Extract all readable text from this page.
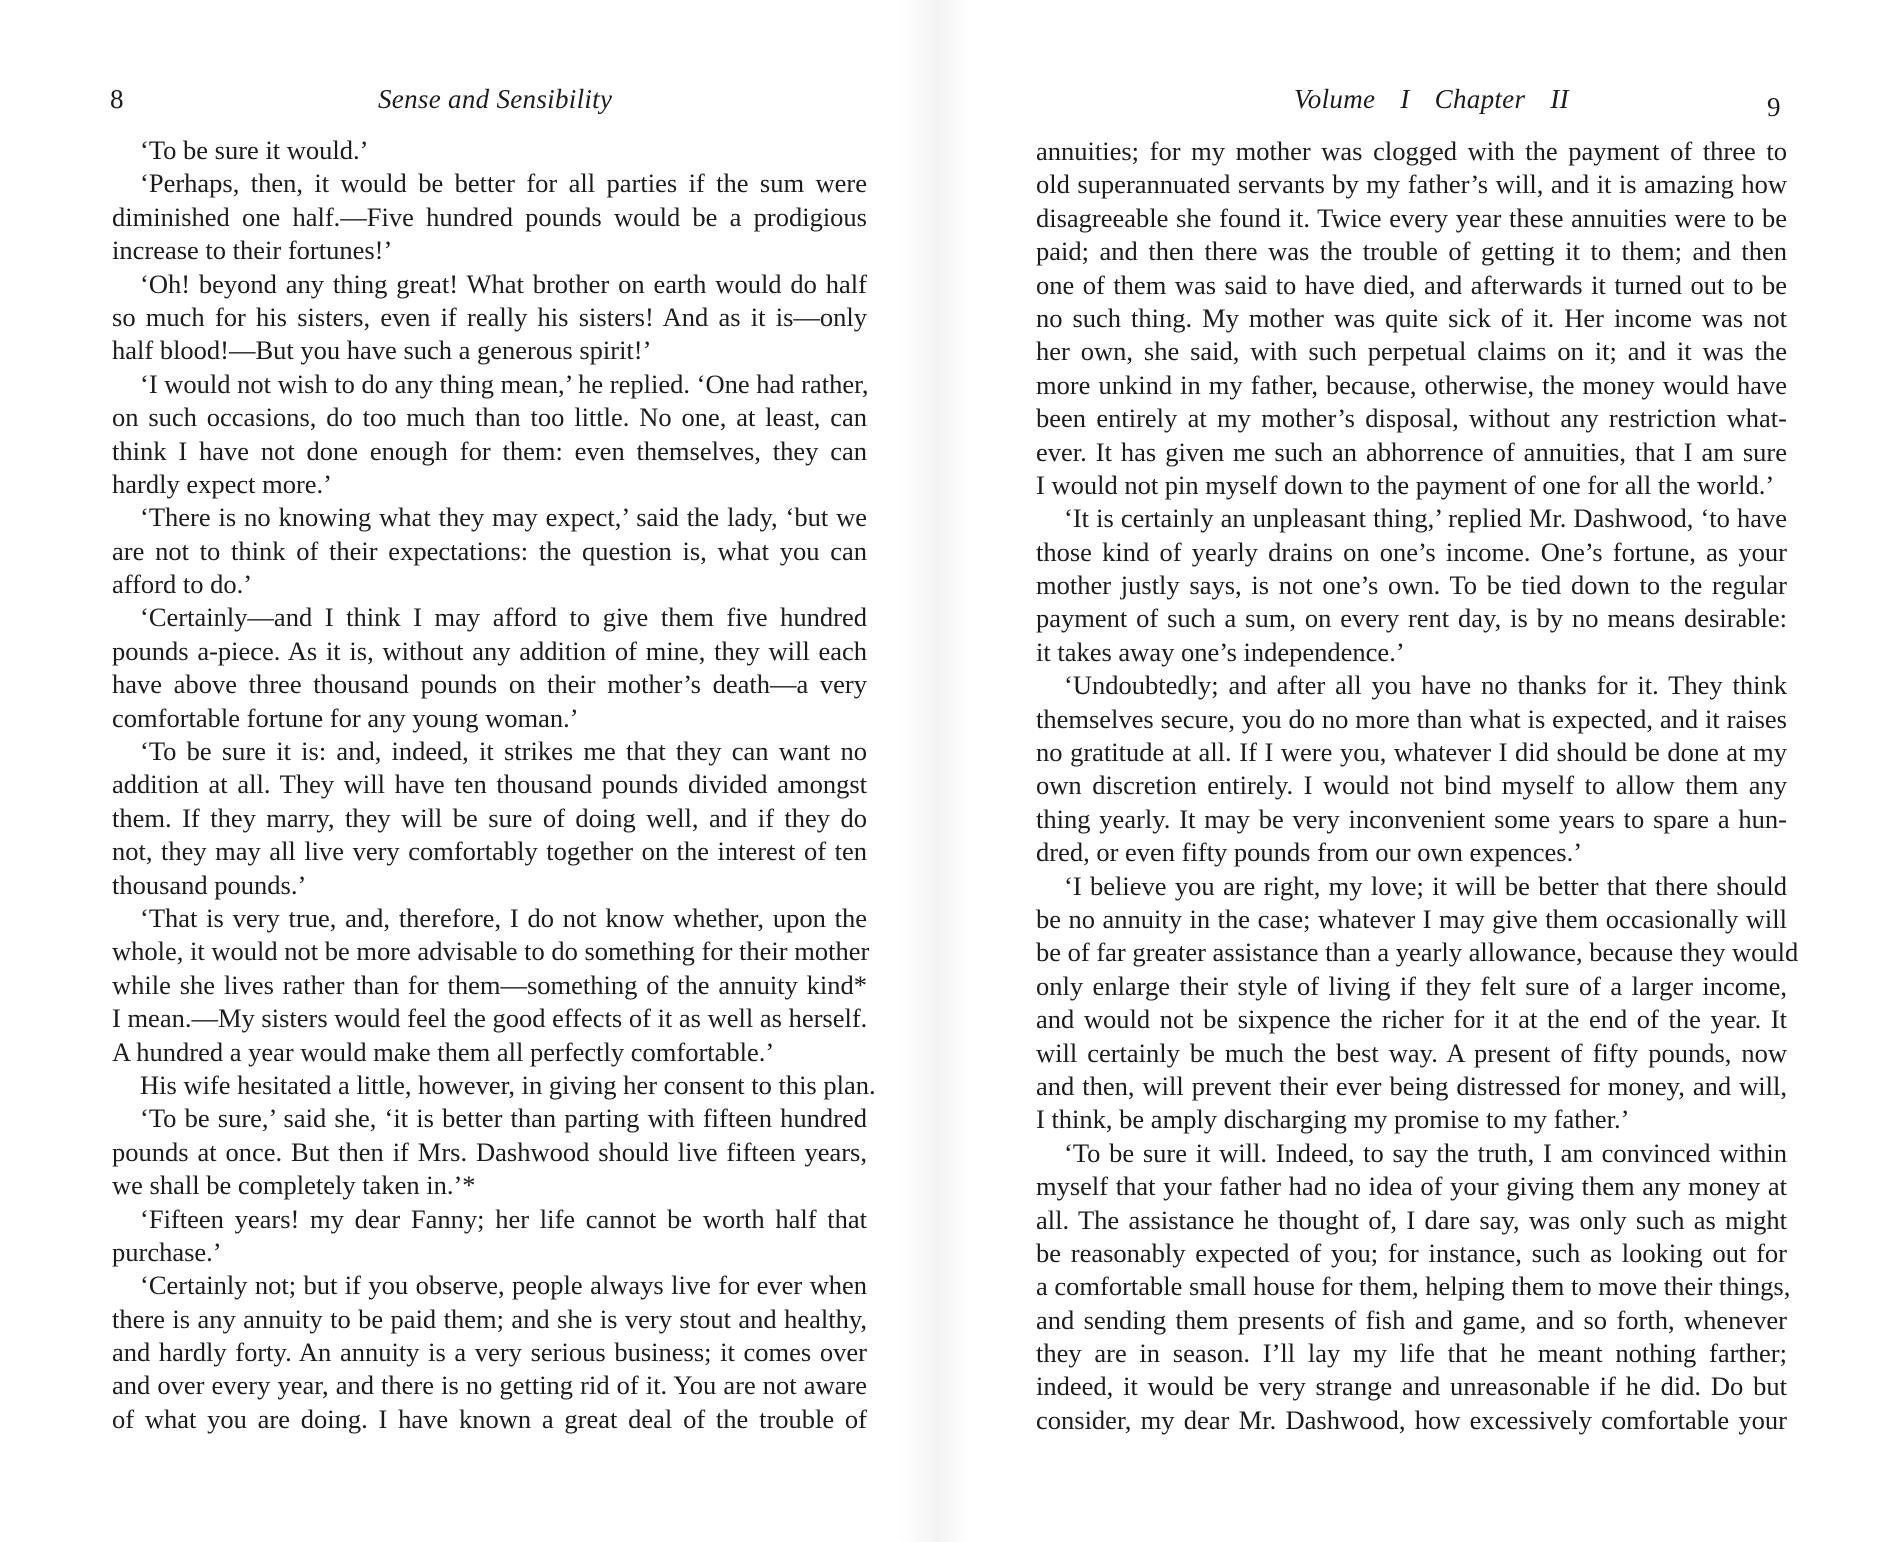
8	Sense and Sensibility
‘To be sure it would.’
‘Perhaps, then, it would be better for all parties if the sum were
diminished one half.—Five hundred pounds would be a prodigious
increase to their fortunes!’
‘Oh! beyond any thing great! What brother on earth would do half
so much for his sisters, even if really his sisters! And as it is—only
half blood!—But you have such a generous spirit!’
‘I would not wish to do any thing mean,’ he replied. ‘One had rather,
on such occasions, do too much than too little. No one, at least, can
think I have not done enough for them: even themselves, they can
hardly expect more.’
‘There is no knowing what they may expect,’ said the lady, ‘but we
are not to think of their expectations: the question is, what you can
afford to do.’
‘Certainly—and I think I may afford to give them five hundred
pounds a-piece. As it is, without any addition of mine, they will each
have above three thousand pounds on their mother’s death—a very
comfortable fortune for any young woman.’
‘To be sure it is: and, indeed, it strikes me that they can want no
addition at all. They will have ten thousand pounds divided amongst
them. If they marry, they will be sure of doing well, and if they do
not, they may all live very comfortably together on the interest of ten
thousand pounds.’
‘That is very true, and, therefore, I do not know whether, upon the
whole, it would not be more advisable to do something for their mother
while she lives rather than for them—something of the annuity kind*
I mean.—My sisters would feel the good effects of it as well as herself.
A hundred a year would make them all perfectly comfortable.’
His wife hesitated a little, however, in giving her consent to this plan.
‘To be sure,’ said she, ‘it is better than parting with fifteen hundred
pounds at once. But then if Mrs. Dashwood should live fifteen years,
we shall be completely taken in.’*
‘Fifteen years! my dear Fanny; her life cannot be worth half that
purchase.’
‘Certainly not; but if you observe, people always live for ever when
there is any annuity to be paid them; and she is very stout and healthy,
and hardly forty. An annuity is a very serious business; it comes over
and over every year, and there is no getting rid of it. You are not aware
of what you are doing. I have known a great deal of the trouble of
Volume I Chapter II	9
annuities; for my mother was clogged with the payment of three to
old superannuated servants by my father’s will, and it is amazing how
disagreeable she found it. Twice every year these annuities were to be
paid; and then there was the trouble of getting it to them; and then
one of them was said to have died, and afterwards it turned out to be
no such thing. My mother was quite sick of it. Her income was not
her own, she said, with such perpetual claims on it; and it was the
more unkind in my father, because, otherwise, the money would have
been entirely at my mother’s disposal, without any restriction what-
ever. It has given me such an abhorrence of annuities, that I am sure
I would not pin myself down to the payment of one for all the world.’
‘It is certainly an unpleasant thing,’ replied Mr. Dashwood, ‘to have
those kind of yearly drains on one’s income. One’s fortune, as your
mother justly says, is not one’s own. To be tied down to the regular
payment of such a sum, on every rent day, is by no means desirable:
it takes away one’s independence.’
‘Undoubtedly; and after all you have no thanks for it. They think
themselves secure, you do no more than what is expected, and it raises
no gratitude at all. If I were you, whatever I did should be done at my
own discretion entirely. I would not bind myself to allow them any
thing yearly. It may be very inconvenient some years to spare a hun-
dred, or even fifty pounds from our own expences.’
‘I believe you are right, my love; it will be better that there should
be no annuity in the case; whatever I may give them occasionally will
be of far greater assistance than a yearly allowance, because they would
only enlarge their style of living if they felt sure of a larger income,
and would not be sixpence the richer for it at the end of the year. It
will certainly be much the best way. A present of fifty pounds, now
and then, will prevent their ever being distressed for money, and will,
I think, be amply discharging my promise to my father.’
‘To be sure it will. Indeed, to say the truth, I am convinced within
myself that your father had no idea of your giving them any money at
all. The assistance he thought of, I dare say, was only such as might
be reasonably expected of you; for instance, such as looking out for
a comfortable small house for them, helping them to move their things,
and sending them presents of fish and game, and so forth, whenever
they are in season. I’ll lay my life that he meant nothing farther;
indeed, it would be very strange and unreasonable if he did. Do but
consider, my dear Mr. Dashwood, how excessively comfortable your
